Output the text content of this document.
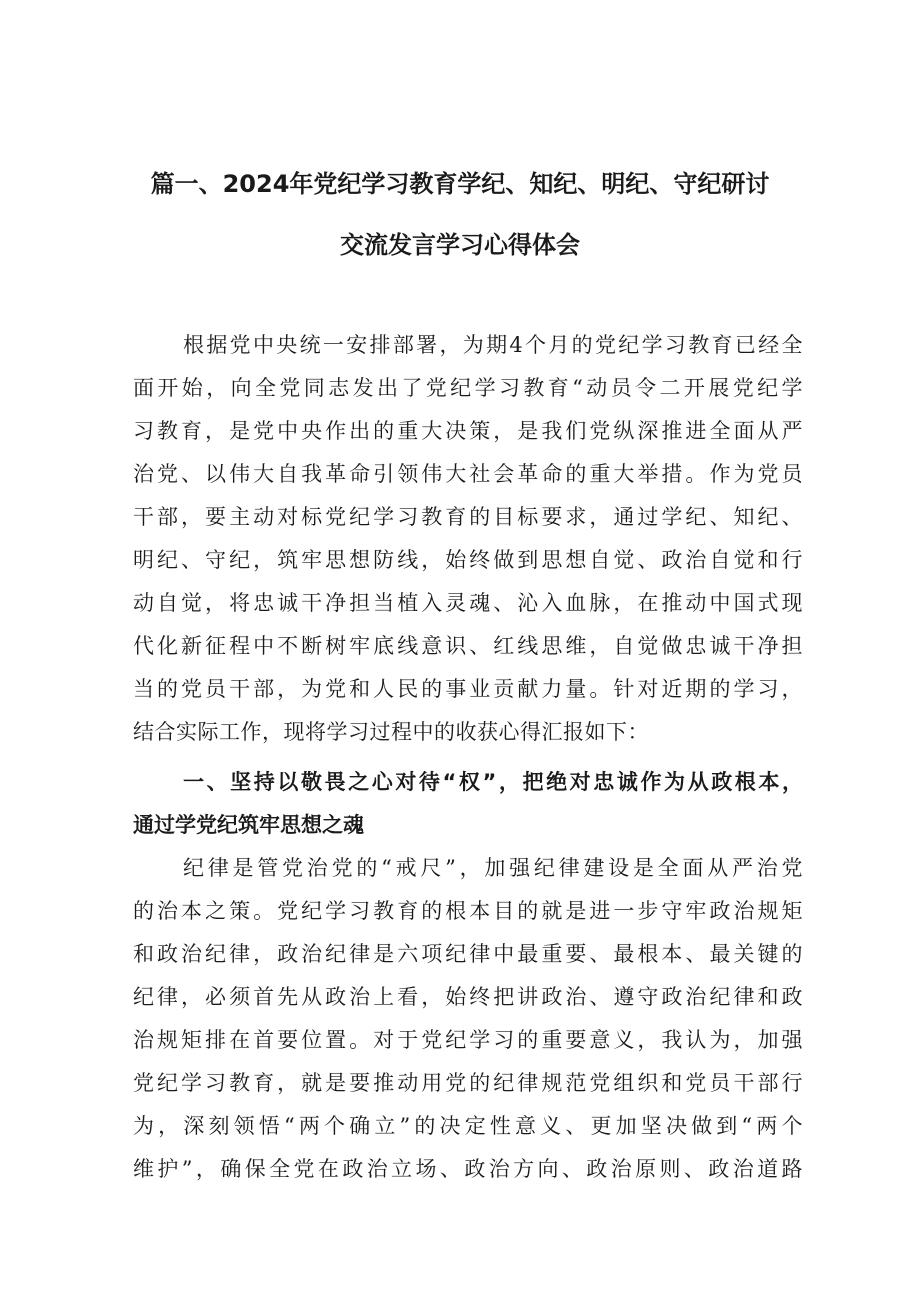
篇一、2024年党纪学习教育学纪、知纪、明纪、守纪研讨
交流发言学习心得体会
根据党中央统一安排部署，为期4个月的党纪学习教育已经全
面开始，向全党同志发出了党纪学习教育“动员令二开展党纪学
习教育，是党中央作出的重大决策，是我们党纵深推进全面从严
治党、以伟大自我革命引领伟大社会革命的重大举措。作为党员
干部，要主动对标党纪学习教育的目标要求，通过学纪、知纪、
明纪、守纪，筑牢思想防线，始终做到思想自觉、政治自觉和行
动自觉，将忠诚干净担当植入灵魂、沁入血脉，在推动中国式现
代化新征程中不断树牢底线意识、红线思维，自觉做忠诚干净担
当的党员干部，为党和人民的事业贡献力量。针对近期的学习，
结合实际工作，现将学习过程中的收获心得汇报如下：
一、坚持以敬畏之心对待“权”，把绝对忠诚作为从政根本，
通过学党纪筑牢思想之魂
纪律是管党治党的“戒尺”，加强纪律建设是全面从严治党
的治本之策。党纪学习教育的根本目的就是进一步守牢政治规矩
和政治纪律，政治纪律是六项纪律中最重要、最根本、最关键的
纪律，必须首先从政治上看，始终把讲政治、遵守政治纪律和政
治规矩排在首要位置。对于党纪学习的重要意义，我认为，加强
党纪学习教育，就是要推动用党的纪律规范党组织和党员干部行
为，深刻领悟“两个确立”的决定性意义、更加坚决做到“两个
维护”，确保全党在政治立场、政治方向、政治原则、政治道路
